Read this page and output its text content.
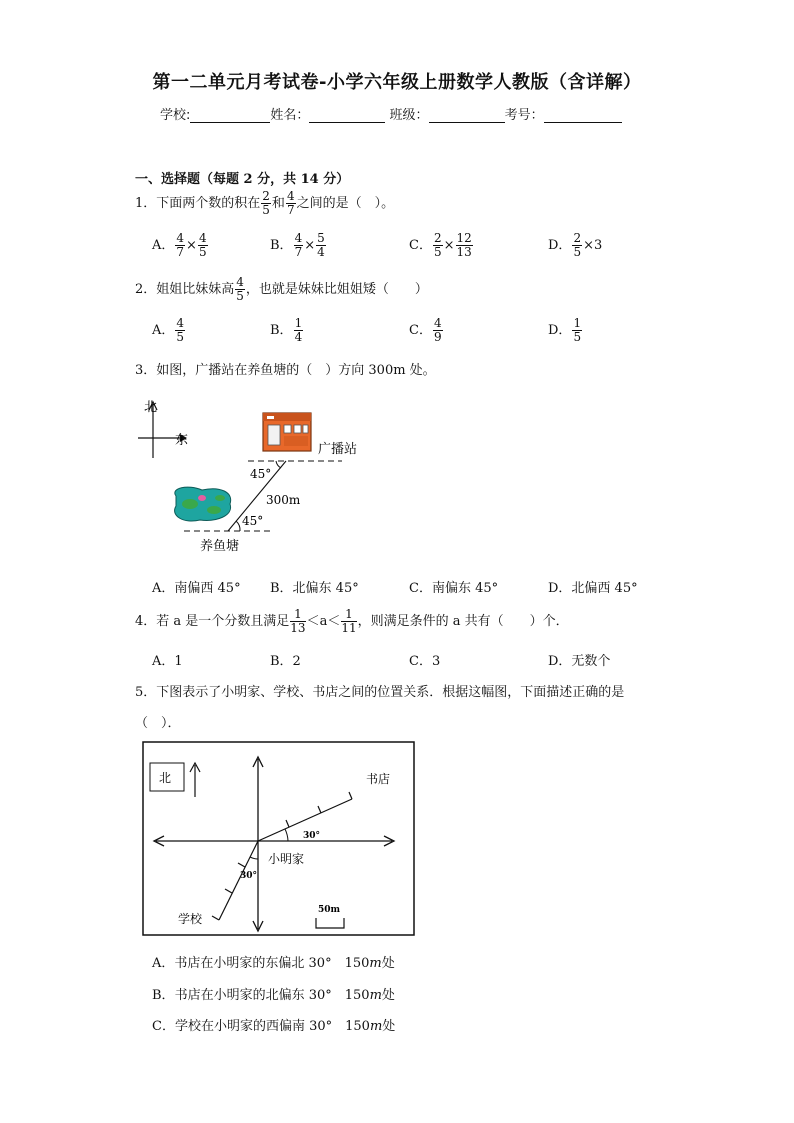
第一二单元月考试卷-小学六年级上册数学人教版（含详解）
学校:	姓名：	班级：	考号：
一、选择题（每题 2 分，共 14 分）
1．下面两个数的积在 $\frac{2}{5}$ 和 $\frac{4}{7}$ 之间的是（　）。
A． $\frac{4}{7} \times \frac{4}{5}$	B． $\frac{4}{7} \times \frac{5}{4}$	C． $\frac{2}{5} \times \frac{12}{13}$	D． $\frac{2}{5} \times 3$
2．姐姐比妹妹高 $\frac{4}{5}$ ，也就是妹妹比姐姐矮（　　）
A． $\frac{4}{5}$	B． $\frac{1}{4}$	C． $\frac{4}{9}$	D． $\frac{1}{5}$
3．如图，广播站在养鱼塘的（　）方向 300m 处。
北
东
45°
45°
300m
广播站
养鱼塘
A．南偏西 45° B．北偏东 45°	C．南偏东 45°	D．北偏西 45°
4．若 a 是一个分数且满足 $\frac{1}{13} <a< \frac{1}{11}$ ，则满足条件的 a 共有（　　）个．
A．1	B．2	C．3	D．无数个
5．下图表示了小明家、学校、书店之间的位置关系．根据这幅图，下面描述正确的是
（　）．
北
30°
书店
30°
小明家
学校
50m
A．书店在小明家的东偏北 30°　150m处
B．书店在小明家的北偏东 30°　150m处
C．学校在小明家的西偏南 30°　150m处
